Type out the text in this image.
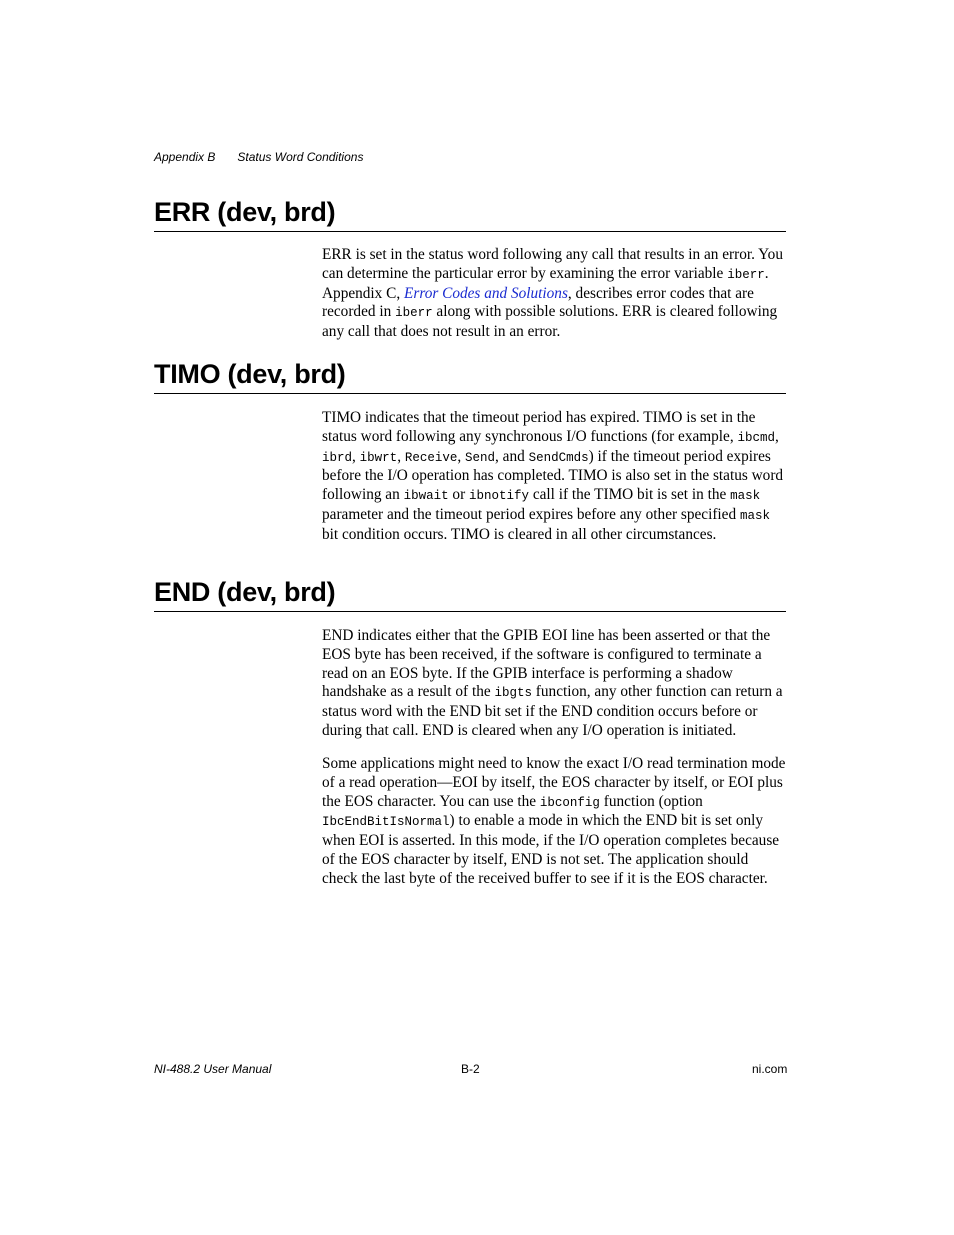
Appendix B Status Word Conditions
ERR (dev, brd)

ERR is set in the status word following any call that results in an error. You can determine the particular error by examining the error variable iberr. Appendix C, Error Codes and Solutions, describes error codes that are recorded in iberr along with possible solutions. ERR is cleared following any call that does not result in an error.

TIMO (dev, brd)

TIMO indicates that the timeout period has expired. TIMO is set in the status word following any synchronous I/O functions (for example, ibcmd, ibrd, ibwrt, Receive, Send, and SendCmds) if the timeout period expires before the I/O operation has completed. TIMO is also set in the status word following an ibwait or ibnotify call if the TIMO bit is set in the mask parameter and the timeout period expires before any other specified mask bit condition occurs. TIMO is cleared in all other circumstances.

END (dev, brd)

END indicates either that the GPIB EOI line has been asserted or that the EOS byte has been received, if the software is configured to terminate a read on an EOS byte. If the GPIB interface is performing a shadow handshake as a result of the ibgts function, any other function can return a status word with the END bit set if the END condition occurs before or during that call. END is cleared when any I/O operation is initiated.

Some applications might need to know the exact I/O read termination mode of a read operation—EOI by itself, the EOS character by itself, or EOI plus the EOS character. You can use the ibconfig function (option IbcEndBitIsNormal) to enable a mode in which the END bit is set only when EOI is asserted. In this mode, if the I/O operation completes because of the EOS character by itself, END is not set. The application should check the last byte of the received buffer to see if it is the EOS character.

NI-488.2 User Manual	B-2	ni.com
